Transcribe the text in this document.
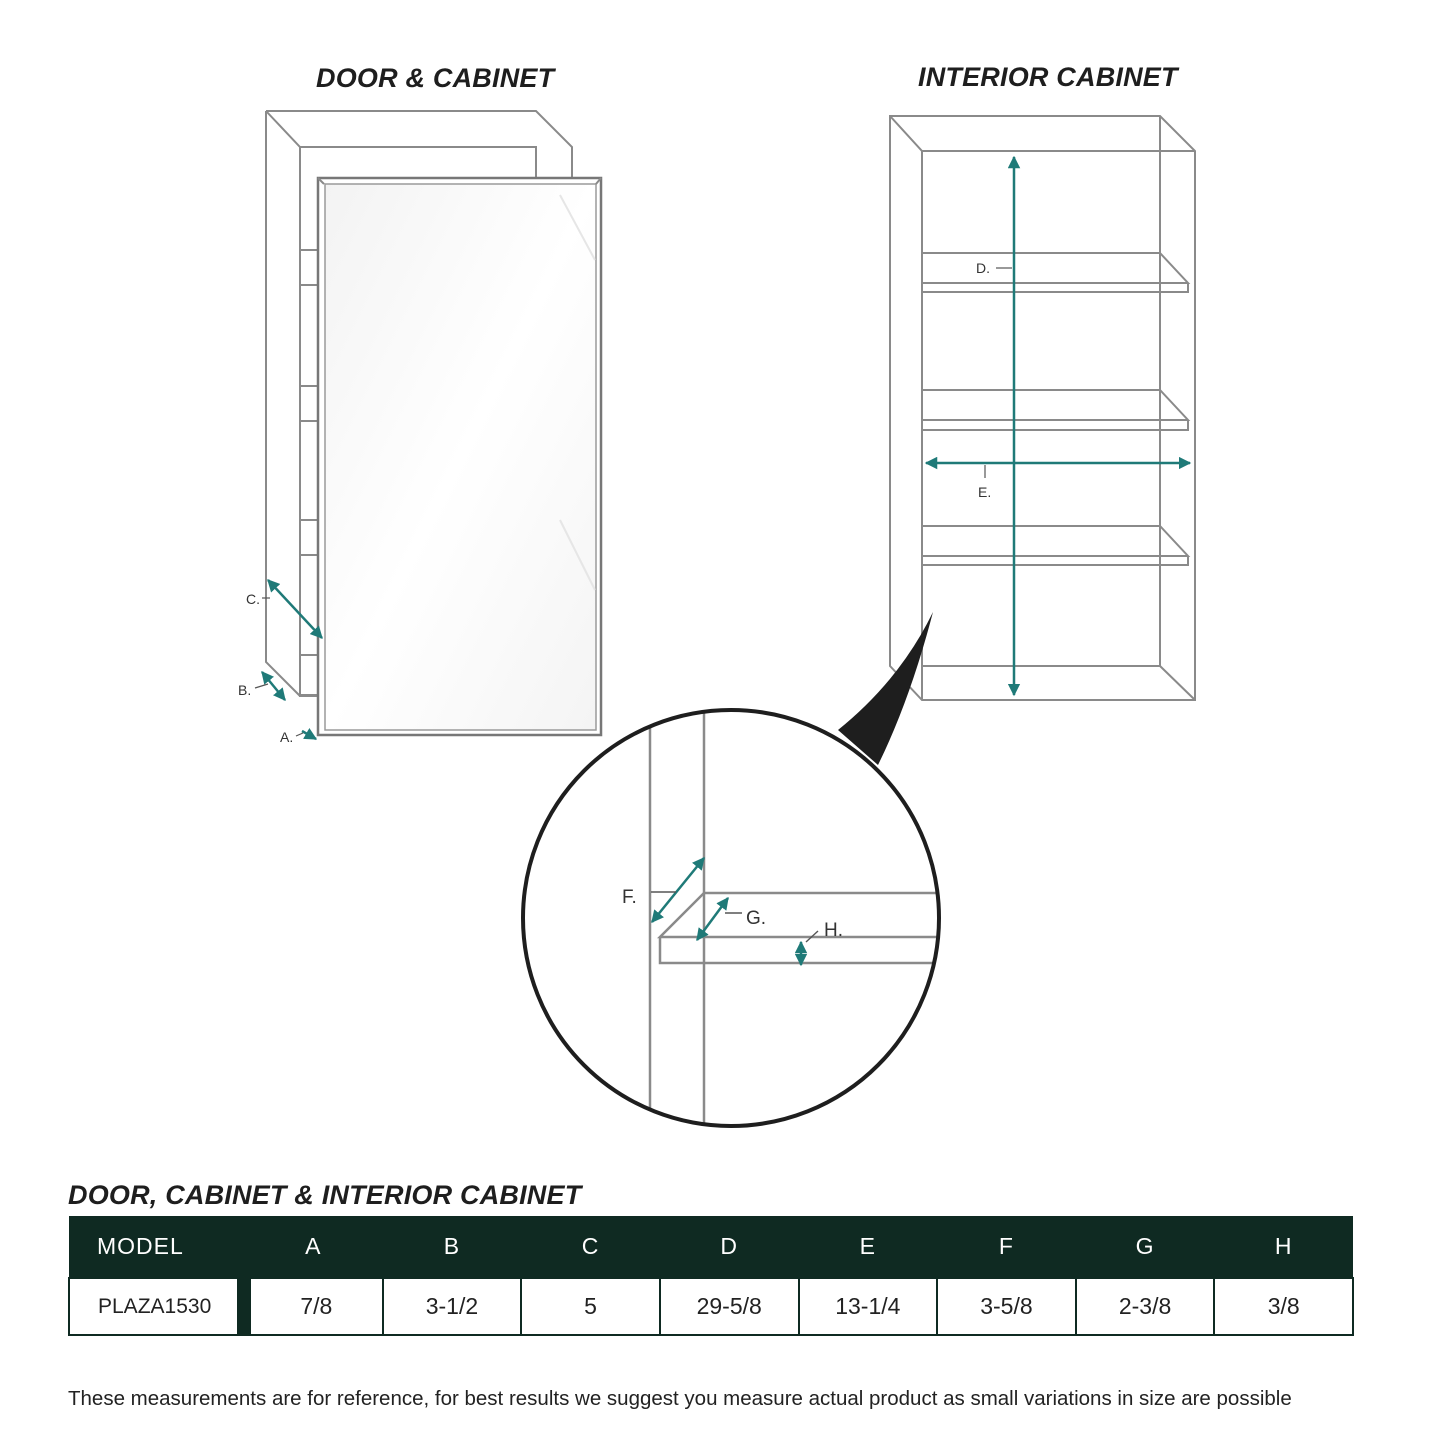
DOOR & CABINET	INTERIOR CABINET
C.
B.
A.
D.
E.
F.
G.
H.
DOOR, CABINET & INTERIOR CABINET
MODEL	A	B	C	D	E	F	G	H
PLAZA1530	7/8	3-1/2	5	29-5/8	13-1/4	3-5/8	2-3/8	3/8
These measurements are for reference, for best results we suggest you measure actual product as small variations in size are possible
